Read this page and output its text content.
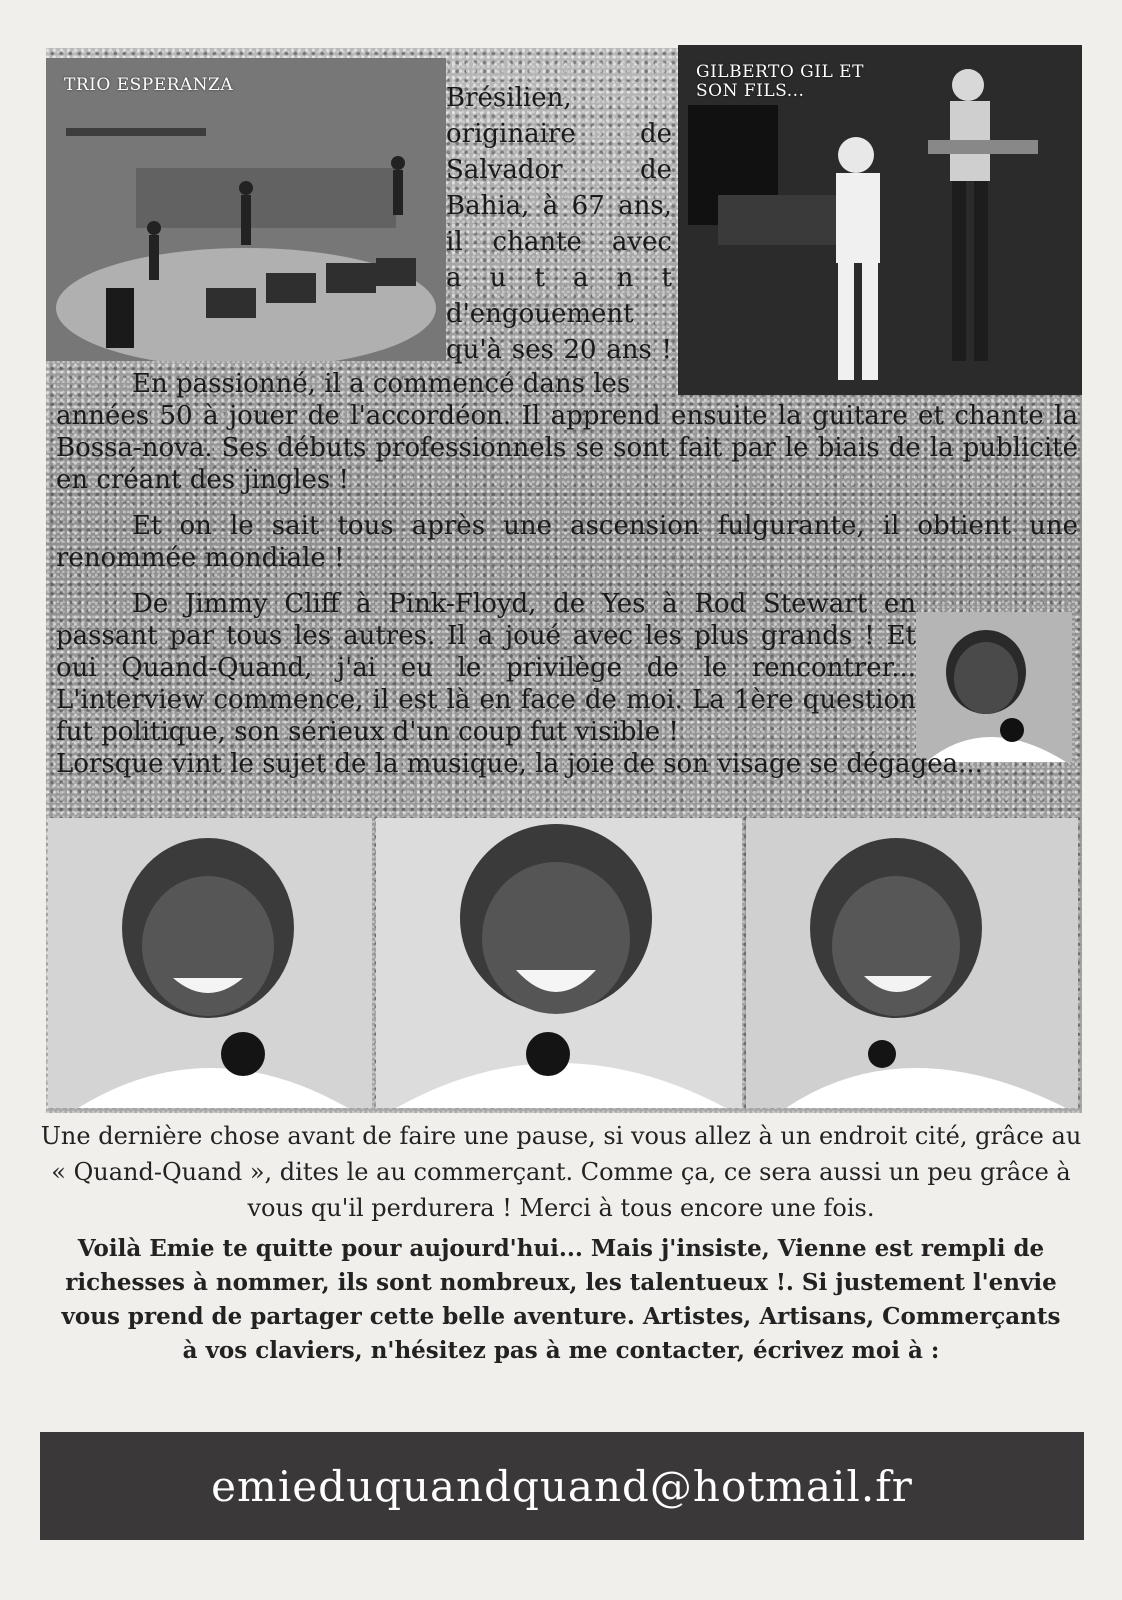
TRIO ESPERANZA
GILBERTO GIL ET
SON FILS...
Brésilien,
originaire de
Salvador de
Bahia, à 67 ans,
il chante avec
a u t a n t
d'engouement
qu'à ses 20 ans !
En passionné, il a commencé dans les
années 50 à jouer de l'accordéon. Il apprend ensuite la guitare et chante la Bossa-nova. Ses débuts professionnels se sont fait par le biais de la publicité en créant des jingles !
Et on le sait tous après une ascension fulgurante, il obtient une renommée mondiale !
De Jimmy Cliff à Pink-Floyd, de Yes à Rod Stewart en passant par tous les autres. Il a joué avec les plus grands ! Et oui Quand-Quand, j'ai eu le privilège de le rencontrer... L'interview commence, il est là en face de moi. La 1ère question fut politique, son sérieux d'un coup fut visible !
Lorsque vint le sujet de la musique, la joie de son visage se dégagea...
Une dernière chose avant de faire une pause, si vous allez à un endroit cité, grâce au « Quand-Quand », dites le au commerçant. Comme ça, ce sera aussi un peu grâce à vous qu'il perdurera ! Merci à tous encore une fois.
Voilà Emie te quitte pour aujourd'hui... Mais j'insiste, Vienne est rempli de richesses à nommer, ils sont nombreux, les talentueux !. Si justement l'envie vous prend de partager cette belle aventure. Artistes, Artisans, Commerçants à vos claviers, n'hésitez pas à me contacter, écrivez moi à :
emieduquandquand@hotmail.fr
